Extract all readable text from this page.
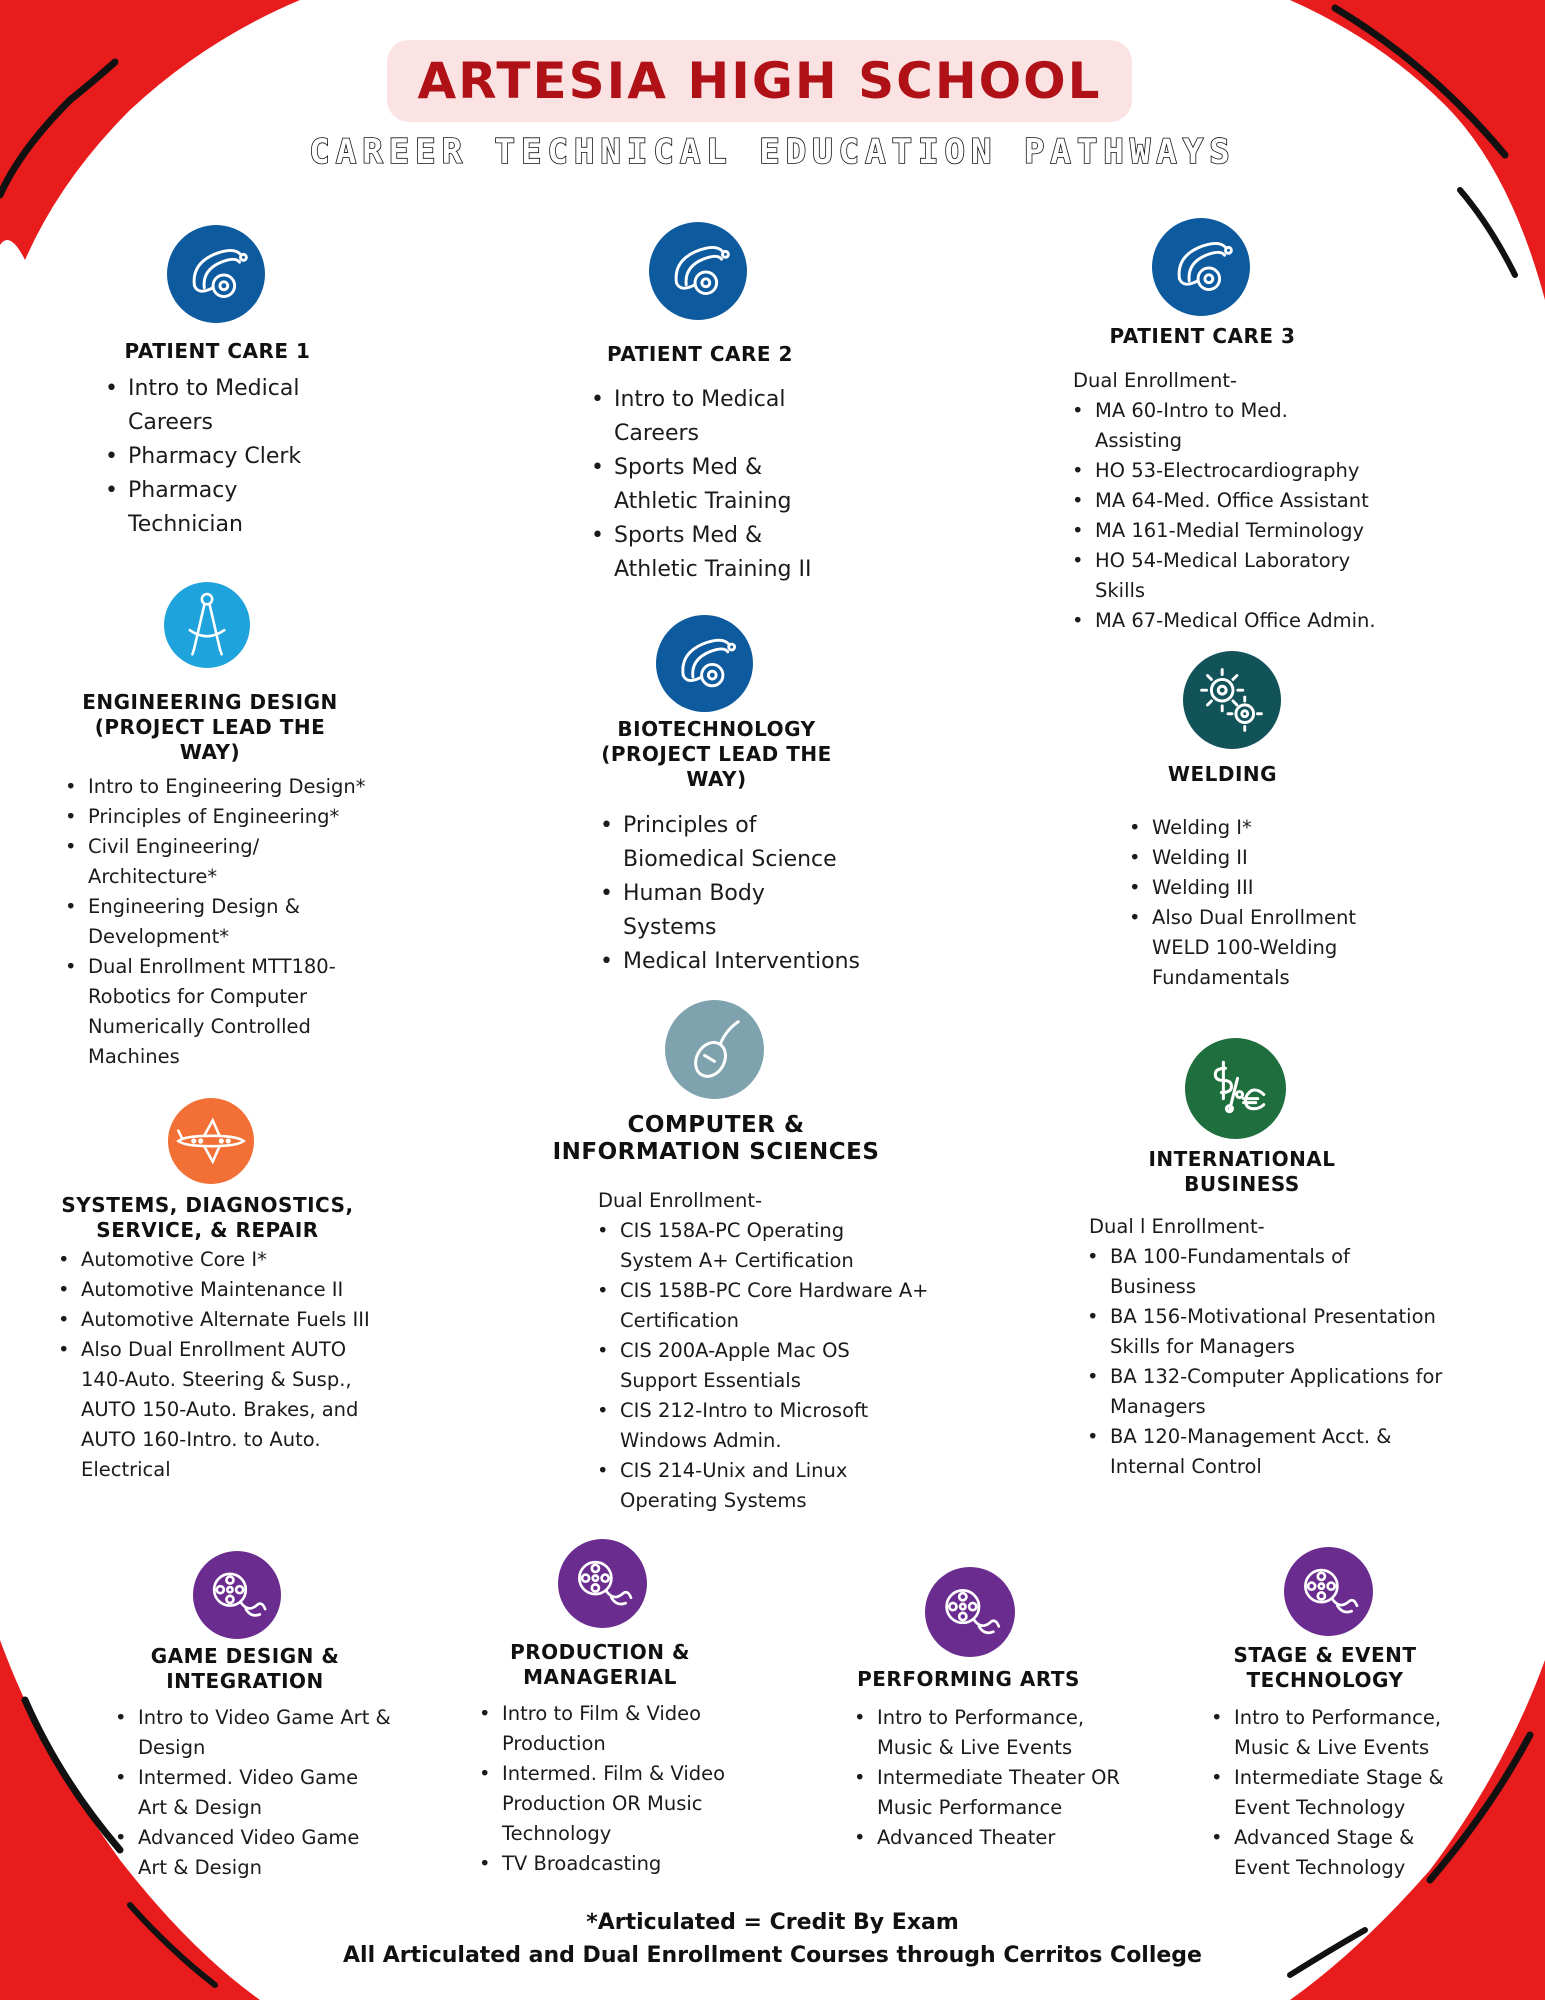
ARTESIA HIGH SCHOOL
CAREER TECHNICAL EDUCATION PATHWAYS
PATIENT CARE 1
• Intro to Medical Careers
• Pharmacy Clerk
• Pharmacy Technician
PATIENT CARE 2
• Intro to Medical Careers
• Sports Med & Athletic Training
• Sports Med & Athletic Training II
PATIENT CARE 3
Dual Enrollment-
• MA 60-Intro to Med. Assisting
• HO 53-Electrocardiography
• MA 64-Med. Office Assistant
• MA 161-Medial Terminology
• HO 54-Medical Laboratory Skills
• MA 67-Medical Office Admin.
ENGINEERING DESIGN
(PROJECT LEAD THE
WAY)
• Intro to Engineering Design*
• Principles of Engineering*
• Civil Engineering/ Architecture*
• Engineering Design & Development*
• Dual Enrollment MTT180-Robotics for Computer Numerically Controlled Machines
BIOTECHNOLOGY
(PROJECT LEAD THE
WAY)
• Principles of Biomedical Science
• Human Body Systems
• Medical Interventions
WELDING
• Welding I*
• Welding II
• Welding III
• Also Dual Enrollment WELD 100-Welding Fundamentals
SYSTEMS, DIAGNOSTICS,
SERVICE, & REPAIR
• Automotive Core I*
• Automotive Maintenance II
• Automotive Alternate Fuels III
• Also Dual Enrollment AUTO 140-Auto. Steering & Susp., AUTO 150-Auto. Brakes, and AUTO 160-Intro. to Auto. Electrical
COMPUTER &
INFORMATION SCIENCES
Dual Enrollment-
• CIS 158A-PC Operating System A+ Certification
• CIS 158B-PC Core Hardware A+ Certification
• CIS 200A-Apple Mac OS Support Essentials
• CIS 212-Intro to Microsoft Windows Admin.
• CIS 214-Unix and Linux Operating Systems
INTERNATIONAL
BUSINESS
Dual l Enrollment-
• BA 100-Fundamentals of Business
• BA 156-Motivational Presentation Skills for Managers
• BA 132-Computer Applications for Managers
• BA 120-Management Acct. & Internal Control
GAME DESIGN &
INTEGRATION
• Intro to Video Game Art & Design
• Intermed. Video Game Art & Design
• Advanced Video Game Art & Design
PRODUCTION &
MANAGERIAL
• Intro to Film & Video Production
• Intermed. Film & Video Production OR Music Technology
• TV Broadcasting
PERFORMING ARTS
• Intro to Performance, Music & Live Events
• Intermediate Theater OR Music Performance
• Advanced Theater
STAGE & EVENT
TECHNOLOGY
• Intro to Performance, Music & Live Events
• Intermediate Stage & Event Technology
• Advanced Stage & Event Technology
*Articulated = Credit By Exam
All Articulated and Dual Enrollment Courses through Cerritos College
